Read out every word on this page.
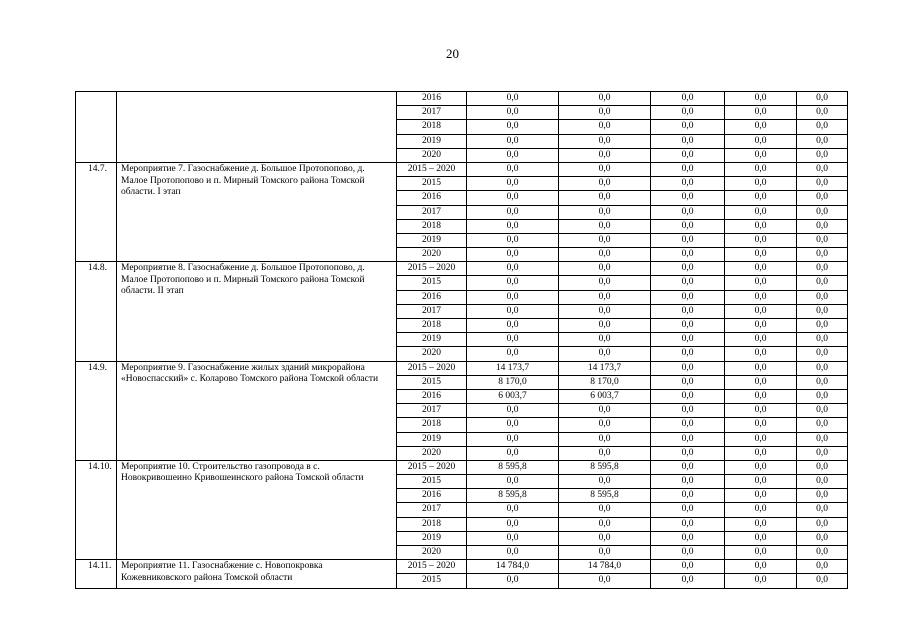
20
		2016	0,0	0,0	0,0	0,0	0,0
		2017	0,0	0,0	0,0	0,0	0,0
		2018	0,0	0,0	0,0	0,0	0,0
		2019	0,0	0,0	0,0	0,0	0,0
		2020	0,0	0,0	0,0	0,0	0,0
14.7.	Мероприятие 7. Газоснабжение д. Большое Протопопово, д. Малое Протопопово и п. Мирный Томского района Томской области. I этап	2015 – 2020	0,0	0,0	0,0	0,0	0,0
		2015	0,0	0,0	0,0	0,0	0,0
		2016	0,0	0,0	0,0	0,0	0,0
		2017	0,0	0,0	0,0	0,0	0,0
		2018	0,0	0,0	0,0	0,0	0,0
		2019	0,0	0,0	0,0	0,0	0,0
		2020	0,0	0,0	0,0	0,0	0,0
14.8.	Мероприятие 8. Газоснабжение д. Большое Протопопово, д. Малое Протопопово и п. Мирный Томского района Томской области. II этап	2015 – 2020	0,0	0,0	0,0	0,0	0,0
		2015	0,0	0,0	0,0	0,0	0,0
		2016	0,0	0,0	0,0	0,0	0,0
		2017	0,0	0,0	0,0	0,0	0,0
		2018	0,0	0,0	0,0	0,0	0,0
		2019	0,0	0,0	0,0	0,0	0,0
		2020	0,0	0,0	0,0	0,0	0,0
14.9.	Мероприятие 9. Газоснабжение жилых зданий микрорайона «Новоспасский» с. Коларово Томского района Томской области	2015 – 2020	14 173,7	14 173,7	0,0	0,0	0,0
		2015	8 170,0	8 170,0	0,0	0,0	0,0
		2016	6 003,7	6 003,7	0,0	0,0	0,0
		2017	0,0	0,0	0,0	0,0	0,0
		2018	0,0	0,0	0,0	0,0	0,0
		2019	0,0	0,0	0,0	0,0	0,0
		2020	0,0	0,0	0,0	0,0	0,0
14.10.	Мероприятие 10. Строительство газопровода в с. Новокривошеино Кривошеинского района Томской области	2015 – 2020	8 595,8	8 595,8	0,0	0,0	0,0
		2015	0,0	0,0	0,0	0,0	0,0
		2016	8 595,8	8 595,8	0,0	0,0	0,0
		2017	0,0	0,0	0,0	0,0	0,0
		2018	0,0	0,0	0,0	0,0	0,0
		2019	0,0	0,0	0,0	0,0	0,0
		2020	0,0	0,0	0,0	0,0	0,0
14.11.	Мероприятие 11. Газоснабжение с. Новопокровка Кожевниковского района Томской области	2015 – 2020	14 784,0	14 784,0	0,0	0,0	0,0
		2015	0,0	0,0	0,0	0,0	0,0
